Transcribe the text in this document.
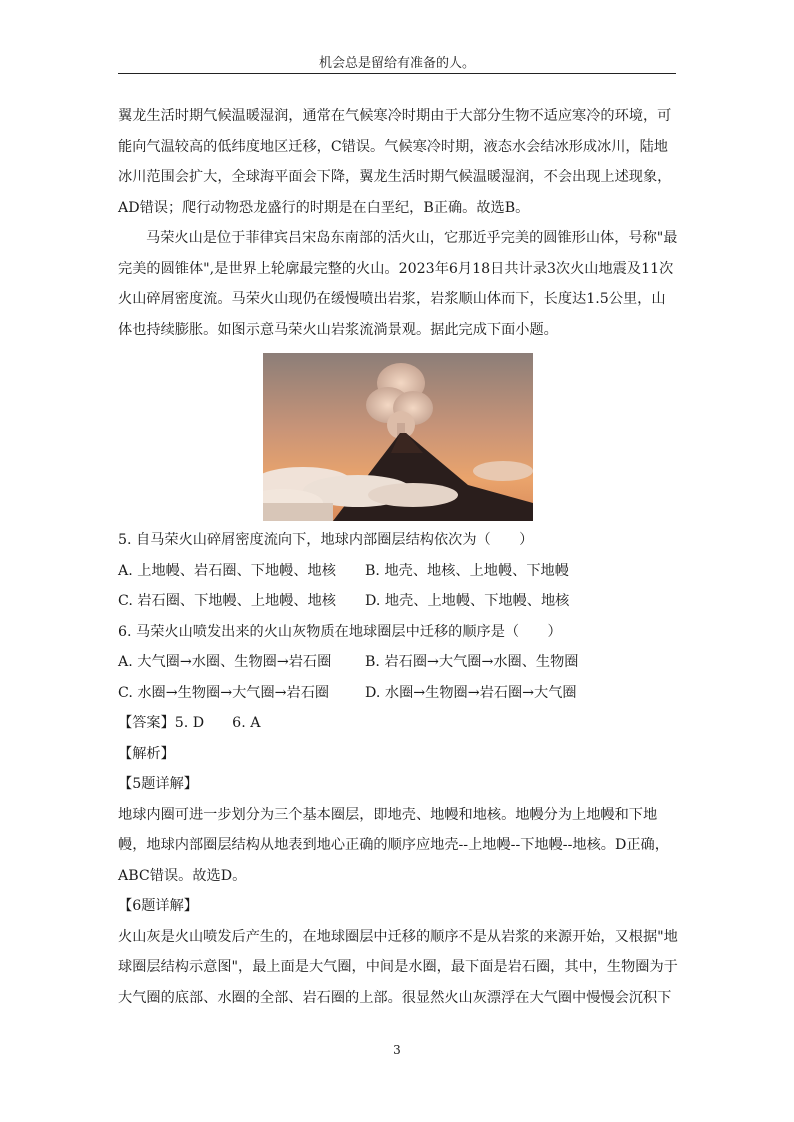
机会总是留给有准备的人。

翼龙生活时期气候温暖湿润，通常在气候寒冷时期由于大部分生物不适应寒冷的环境，可能向气温较高的低纬度地区迁移，C错误。气候寒冷时期，液态水会结冰形成冰川，陆地冰川范围会扩大，全球海平面会下降，翼龙生活时期气候温暖湿润，不会出现上述现象，AD错误；爬行动物恐龙盛行的时期是在白垩纪，B正确。故选B。

马荣火山是位于菲律宾吕宋岛东南部的活火山，它那近乎完美的圆锥形山体，号称"最完美的圆锥体",是世界上轮廓最完整的火山。2023年6月18日共计录3次火山地震及11次火山碎屑密度流。马荣火山现仍在缓慢喷出岩浆，岩浆顺山体而下，长度达1.5公里，山体也持续膨胀。如图示意马荣火山岩浆流淌景观。据此完成下面小题。

5. 自马荣火山碎屑密度流向下，地球内部圈层结构依次为（　　）

A. 上地幔、岩石圈、下地幔、地核	B. 地壳、地核、上地幔、下地幔
C. 岩石圈、下地幔、上地幔、地核	D. 地壳、上地幔、下地幔、地核

6. 马荣火山喷发出来的火山灰物质在地球圈层中迁移的顺序是（　　）

A. 大气圈→水圈、生物圈→岩石圈	B. 岩石圈→大气圈→水圈、生物圈
C. 水圈→生物圈→大气圈→岩石圈	D. 水圈→生物圈→岩石圈→大气圈

【答案】5. D 6. A

【解析】

【5题详解】

地球内圈可进一步划分为三个基本圈层，即地壳、地幔和地核。地幔分为上地幔和下地幔，地球内部圈层结构从地表到地心正确的顺序应地壳--上地幔--下地幔--地核。D正确，ABC错误。故选D。

【6题详解】

火山灰是火山喷发后产生的，在地球圈层中迁移的顺序不是从岩浆的来源开始，又根据"地球圈层结构示意图"，最上面是大气圈，中间是水圈，最下面是岩石圈，其中，生物圈为于大气圈的底部、水圈的全部、岩石圈的上部。很显然火山灰漂浮在大气圈中慢慢会沉积下

3
